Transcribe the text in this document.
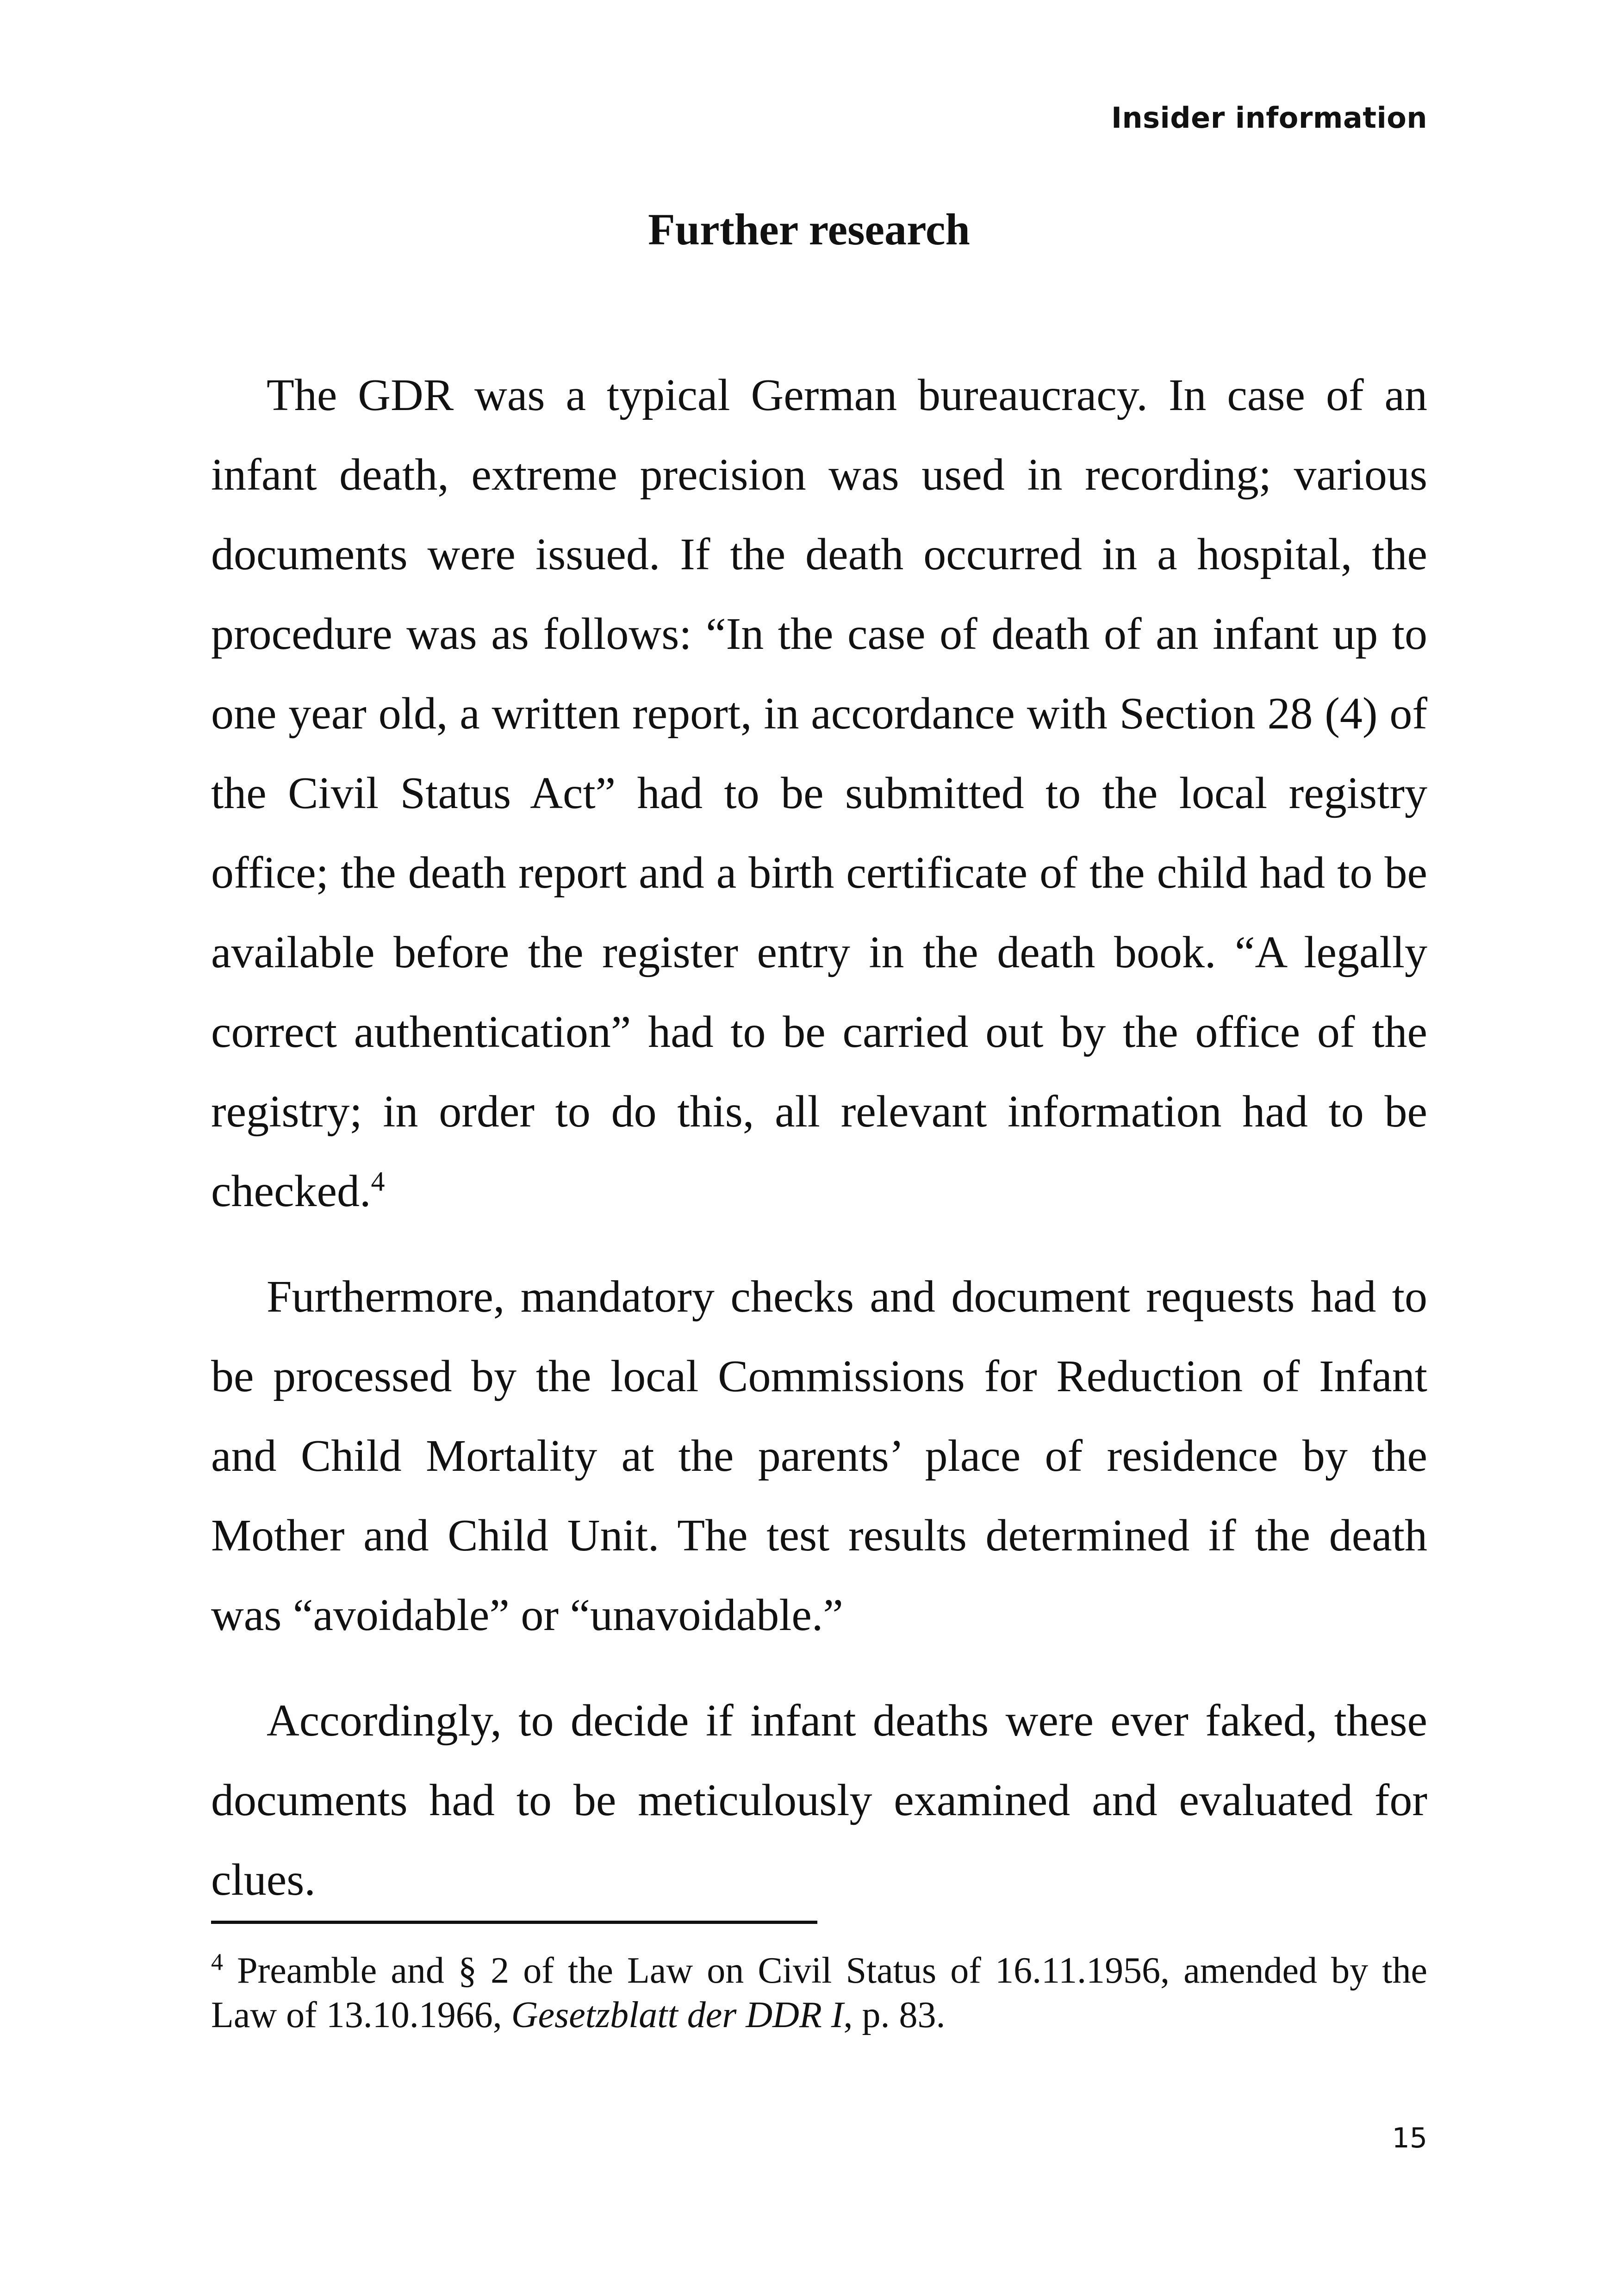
Insider information
Further research

The GDR was a typical German bureaucracy. In case of an infant death, extreme precision was used in recording; various documents were issued. If the death occurred in a hospital, the procedure was as follows: “In the case of death of an infant up to one year old, a written report, in accordance with Section 28 (4) of the Civil Status Act” had to be submitted to the local registry office; the death report and a birth certificate of the child had to be available before the register entry in the death book. “A legally correct authentication” had to be carried out by the office of the registry; in order to do this, all relevant information had to be checked.$^4$

Furthermore, mandatory checks and document requests had to be processed by the local Commissions for Reduction of Infant and Child Mortality at the parents’ place of residence by the Mother and Child Unit. The test results determined if the death was “avoidable” or “unavoidable.”

Accordingly, to decide if infant deaths were ever faked, these documents had to be meticulously examined and evaluated for clues.

$^4$ Preamble and § 2 of the Law on Civil Status of 16.11.1956, amended by the Law of 13.10.1966, Gesetzblatt der DDR I, p. 83.
15
